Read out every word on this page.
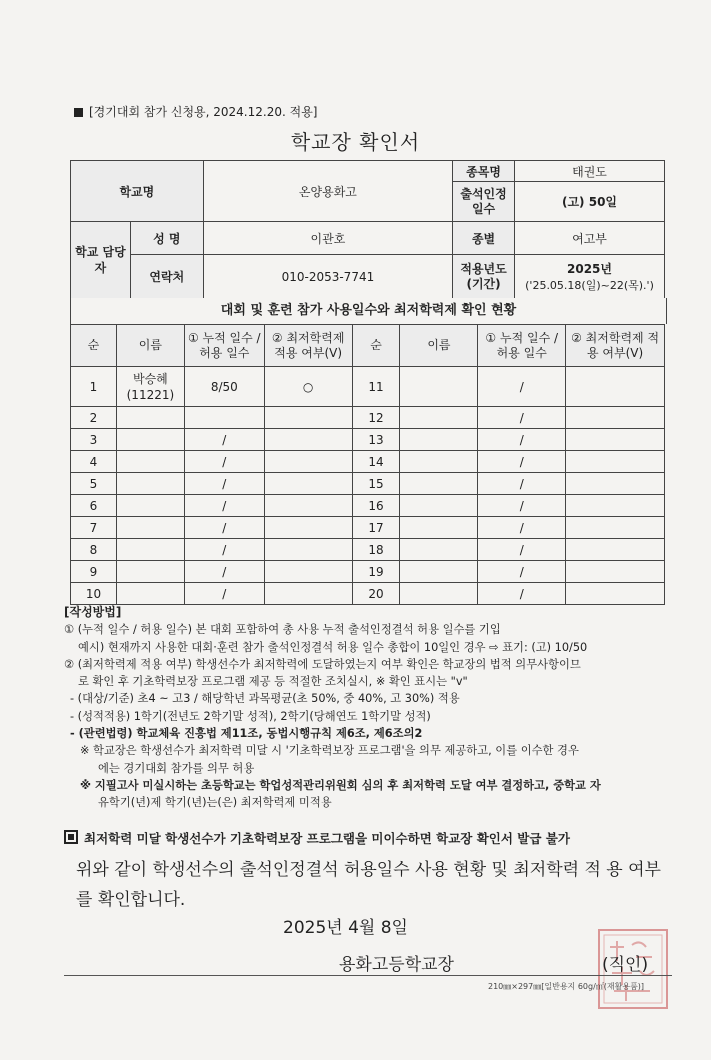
[경기대회 참가 신청용, 2024.12.20. 적용]
학교장 확인서
학교명		온양용화고	종목명	태권도
			출석인정 일수	(고) 50일
학교 담당자	성 명	이관호	종별	여고부
	연락처	010-2053-7741	적용년도 (기간)	2025년
('25.05.18(일)~22(목).')
대회 및 훈련 참가 사용일수와 최저학력제 확인 현황
순	이름	① 누적 일수 / 허용 일수	② 최저학력제 적용 여부(V)	순	이름	① 누적 일수 / 허용 일수	② 최저학력제 적용 여부(V)
1	박승혜 (11221)	8/50	○	11		/	
2				12		/	
3		/		13		/	
4		/		14		/	
5		/		15		/	
6		/		16		/	
7		/		17		/	
8		/		18		/	
9		/		19		/	
10		/		20		/	
[작성방법]
① (누적 일수 / 허용 일수) 본 대회 포함하여 총 사용 누적 출석인정결석 허용 일수를 기입
예시) 현재까지 사용한 대회·훈련 참가 출석인정결석 허용 일수 총합이 10일인 경우 ⇨ 표기: (고) 10/50
② (최저학력제 적용 여부) 학생선수가 최저학력에 도달하였는지 여부 확인은 학교장의 법적 의무사항이므
로 확인 후 기초학력보장 프로그램 제공 등 적절한 조치실시, ※ 확인 표시는 "v"
- (대상/기준) 초4 ~ 고3 / 해당학년 과목평균(초 50%, 중 40%, 고 30%) 적용
- (성적적용) 1학기(전년도 2학기말 성적), 2학기(당해연도 1학기말 성적)
- (관련법령) 학교체육 진흥법 제11조, 동법시행규칙 제6조, 제6조의2
※ 학교장은 학생선수가 최저학력 미달 시 '기초학력보장 프로그램'을 의무 제공하고, 이를 이수한 경우
에는 경기대회 참가를 의무 허용
※ 지필고사 미실시하는 초등학교는 학업성적관리위원회 심의 후 최저학력 도달 여부 결정하고, 중학교 자
유학기(년)제 학기(년)는(은) 최저학력제 미적용
최저학력 미달 학생선수가 기초학력보장 프로그램을 미이수하면 학교장 확인서 발급 불가
위와 같이 학생선수의 출석인정결석 허용일수 사용 현황 및 최저학력 적 용 여부를 확인합니다.
2025년 4월 8일
용화고등학교장	(직인)
210㎜×297㎜[일반용지 60g/㎡(재활용품)]
